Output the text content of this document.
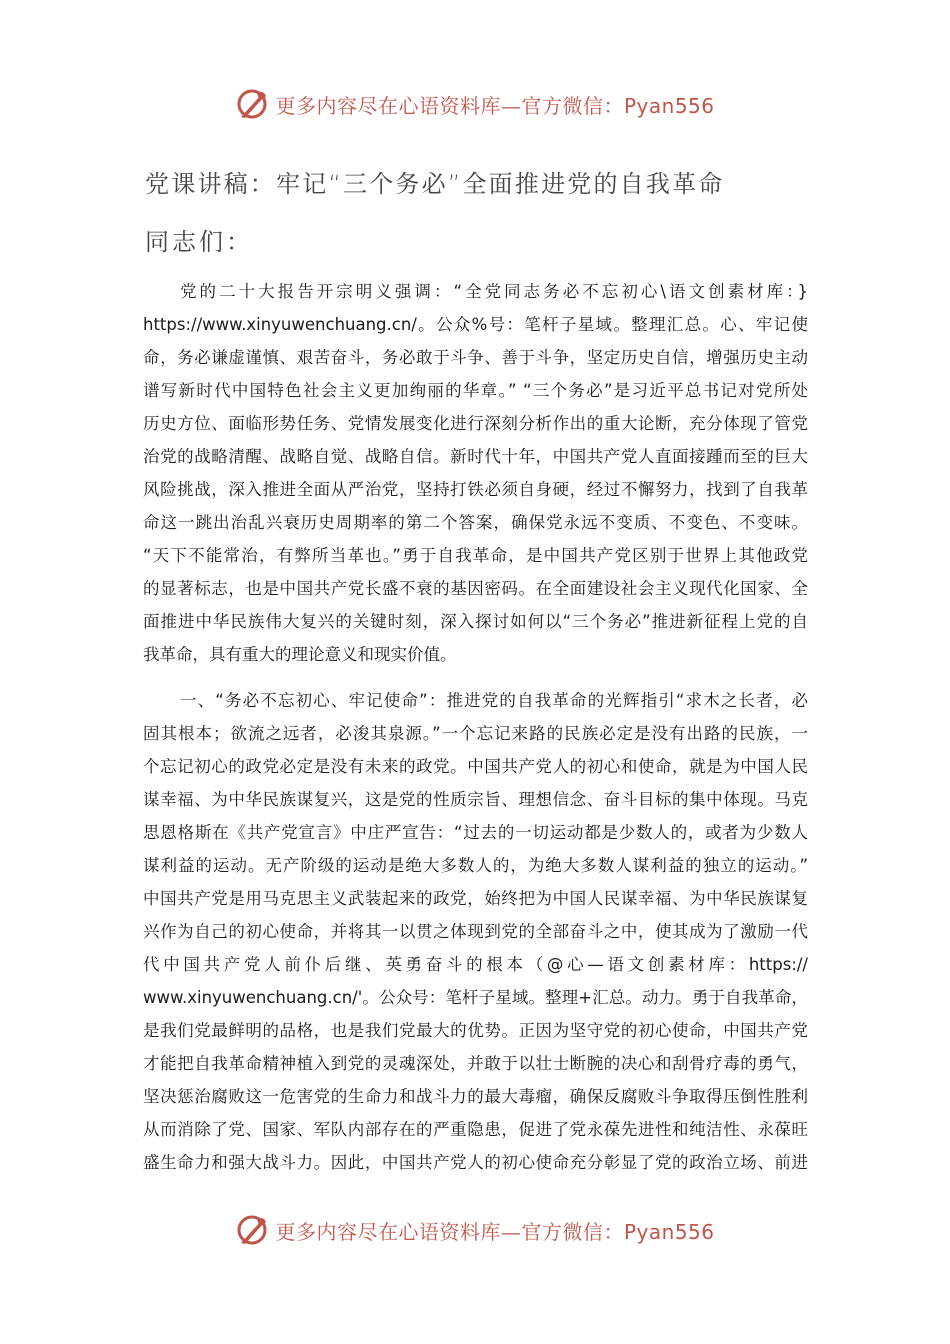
更多内容尽在心语资料库—官方微信：Pyan556
党课讲稿：牢记“三个务必”全面推进党的自我革命
同志们：
党的二十大报告开宗明义强调：“全党同志务必不忘初心\语文创素材库：}
https://www.xinyuwenchuang.cn/。公众%号：笔杆子星域。整理汇总。心、牢记使
命，务必谦虚谨慎、艰苦奋斗，务必敢于斗争、善于斗争，坚定历史自信，增强历史主动
谱写新时代中国特色社会主义更加绚丽的华章。” “三个务必”是习近平总书记对党所处
历史方位、面临形势任务、党情发展变化进行深刻分析作出的重大论断，充分体现了管党
治党的战略清醒、战略自觉、战略自信。新时代十年，中国共产党人直面接踵而至的巨大
风险挑战，深入推进全面从严治党，坚持打铁必须自身硬，经过不懈努力，找到了自我革
命这一跳出治乱兴衰历史周期率的第二个答案，确保党永远不变质、不变色、不变味。
“天下不能常治，有弊所当革也。”勇于自我革命，是中国共产党区别于世界上其他政党
的显著标志，也是中国共产党长盛不衰的基因密码。在全面建设社会主义现代化国家、全
面推进中华民族伟大复兴的关键时刻，深入探讨如何以“三个务必”推进新征程上党的自
我革命，具有重大的理论意义和现实价值。
一、“务必不忘初心、牢记使命”：推进党的自我革命的光辉指引“求木之长者，必
固其根本；欲流之远者，必浚其泉源。”一个忘记来路的民族必定是没有出路的民族，一
个忘记初心的政党必定是没有未来的政党。中国共产党人的初心和使命，就是为中国人民
谋幸福、为中华民族谋复兴，这是党的性质宗旨、理想信念、奋斗目标的集中体现。马克
思恩格斯在《共产党宣言》中庄严宣告：“过去的一切运动都是少数人的，或者为少数人
谋利益的运动。无产阶级的运动是绝大多数人的，为绝大多数人谋利益的独立的运动。”
中国共产党是用马克思主义武装起来的政党，始终把为中国人民谋幸福、为中华民族谋复
兴作为自己的初心使命，并将其一以贯之体现到党的全部奋斗之中，使其成为了激励一代
代中国共产党人前仆后继、英勇奋斗的根本（@心—语文创素材库：https://
www.xinyuwenchuang.cn/'。公众号：笔杆子星域。整理+汇总。动力。勇于自我革命，
是我们党最鲜明的品格，也是我们党最大的优势。正因为坚守党的初心使命，中国共产党
才能把自我革命精神植入到党的灵魂深处，并敢于以壮士断腕的决心和刮骨疗毒的勇气，
坚决惩治腐败这一危害党的生命力和战斗力的最大毒瘤，确保反腐败斗争取得压倒性胜利
从而消除了党、国家、军队内部存在的严重隐患，促进了党永葆先进性和纯洁性、永葆旺
盛生命力和强大战斗力。因此，中国共产党人的初心使命充分彰显了党的政治立场、前进
更多内容尽在心语资料库—官方微信：Pyan556
